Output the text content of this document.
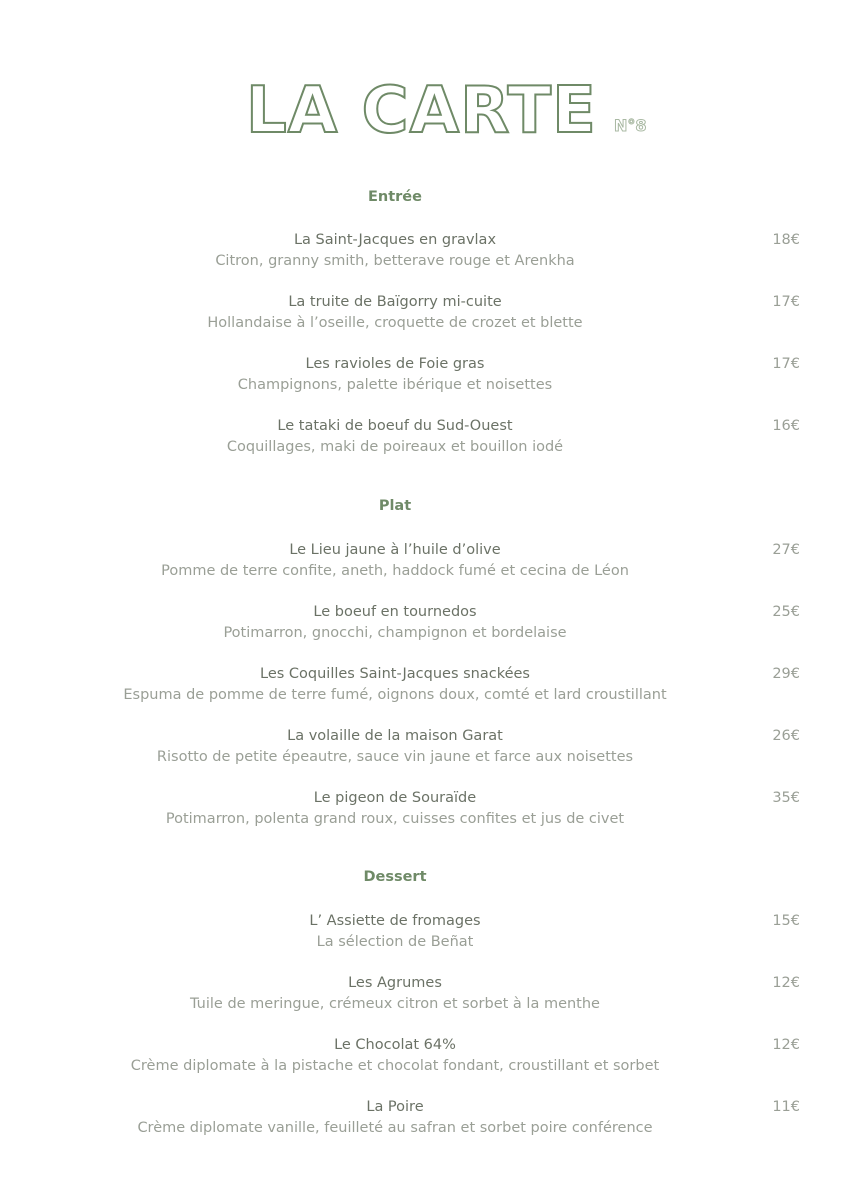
LA CARTE N°8
Entrée
La Saint-Jacques en gravlax
Citron, granny smith, betterave rouge et Arenkha
18€
La truite de Baïgorry mi-cuite
Hollandaise à l’oseille, croquette de crozet et blette
17€
Les ravioles de Foie gras
Champignons, palette ibérique et noisettes
17€
Le tataki de boeuf du Sud-Ouest
Coquillages, maki de poireaux et bouillon iodé
16€
Plat
Le Lieu jaune à l’huile d’olive
Pomme de terre confite, aneth, haddock fumé et cecina de Léon
27€
Le boeuf en tournedos
Potimarron, gnocchi, champignon et bordelaise
25€
Les Coquilles Saint-Jacques snackées
Espuma de pomme de terre fumé, oignons doux, comté et lard croustillant
29€
La volaille de la maison Garat
Risotto de petite épeautre, sauce vin jaune et farce aux noisettes
26€
Le pigeon de Souraïde
Potimarron, polenta grand roux, cuisses confites et jus de civet
35€
Dessert
L’ Assiette de fromages
La sélection de Beñat
15€
Les Agrumes
Tuile de meringue, crémeux citron et sorbet à la menthe
12€
Le Chocolat 64%
Crème diplomate à la pistache et chocolat fondant, croustillant et sorbet
12€
La Poire
Crème diplomate vanille, feuilleté au safran et sorbet poire conférence
11€
